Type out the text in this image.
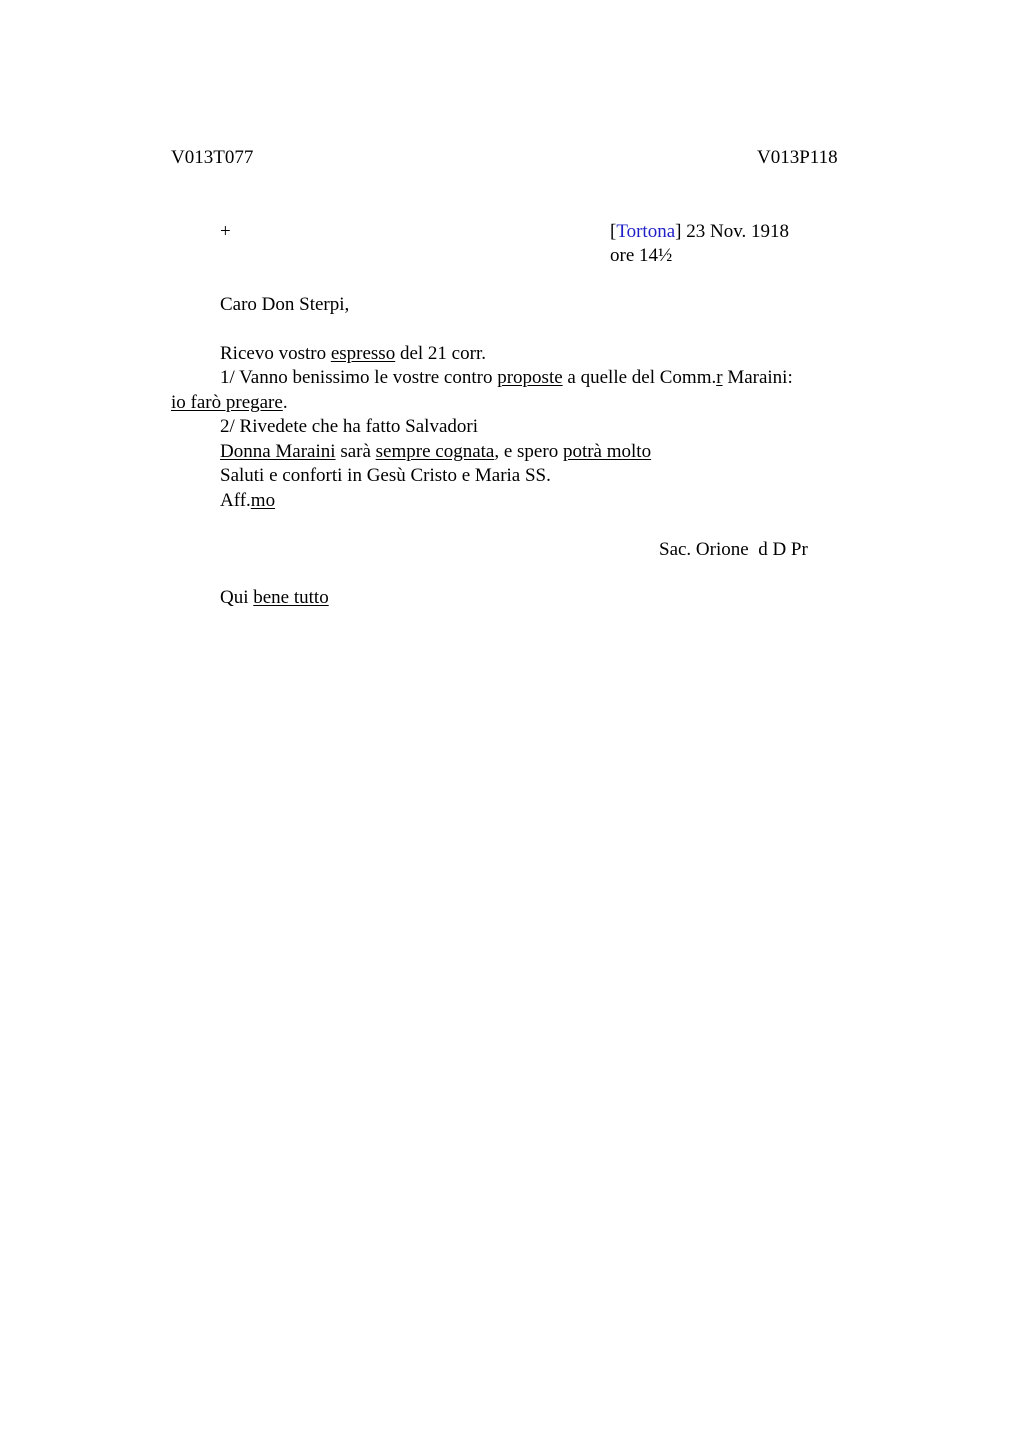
V013T077	V013P118
+	[Tortona] 23 Nov. 1918
ore 14½
Caro Don Sterpi,
Ricevo vostro espresso del 21 corr.
1/ Vanno benissimo le vostre contro proposte a quelle del Comm.r Maraini:
io farò pregare.
2/ Rivedete che ha fatto Salvadori
Donna Maraini sarà sempre cognata, e spero potrà molto
Saluti e conforti in Gesù Cristo e Maria SS.
Aff.mo
Sac. Orione  d D Pr
Qui bene tutto
